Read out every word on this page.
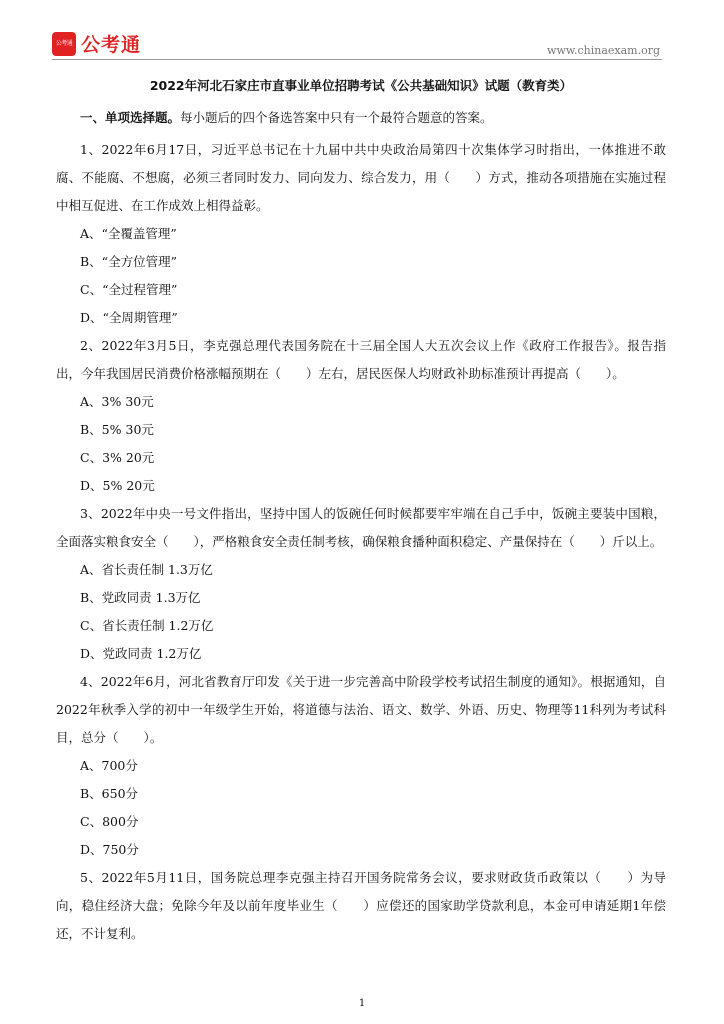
公考通 公考通	www.chinaexam.org
2022年河北石家庄市直事业单位招聘考试《公共基础知识》试题（教育类）

一、单项选择题。每小题后的四个备选答案中只有一个最符合题意的答案。

1、2022年6月17日，习近平总书记在十九届中共中央政治局第四十次集体学习时指出，一体推进不敢腐、不能腐、不想腐，必须三者同时发力、同向发力、综合发力，用（　　）方式，推动各项措施在实施过程中相互促进、在工作成效上相得益彰。

A、“全覆盖管理”

B、“全方位管理”

C、“全过程管理”

D、“全周期管理”

2、2022年3月5日，李克强总理代表国务院在十三届全国人大五次会议上作《政府工作报告》。报告指出，今年我国居民消费价格涨幅预期在（　　）左右，居民医保人均财政补助标准预计再提高（　　）。

A、3% 30元

B、5% 30元

C、3% 20元

D、5% 20元

3、2022年中央一号文件指出，坚持中国人的饭碗任何时候都要牢牢端在自己手中，饭碗主要装中国粮，全面落实粮食安全（　　），严格粮食安全责任制考核，确保粮食播种面积稳定、产量保持在（　　）斤以上。

A、省长责任制 1.3万亿

B、党政同责 1.3万亿

C、省长责任制 1.2万亿

D、党政同责 1.2万亿

4、2022年6月，河北省教育厅印发《关于进一步完善高中阶段学校考试招生制度的通知》。根据通知，自2022年秋季入学的初中一年级学生开始，将道德与法治、语文、数学、外语、历史、物理等11科列为考试科目，总分（　　）。

A、700分

B、650分

C、800分

D、750分

5、2022年5月11日，国务院总理李克强主持召开国务院常务会议，要求财政货币政策以（　　）为导向，稳住经济大盘；免除今年及以前年度毕业生（　　）应偿还的国家助学贷款利息，本金可申请延期1年偿还，不计复利。

1
